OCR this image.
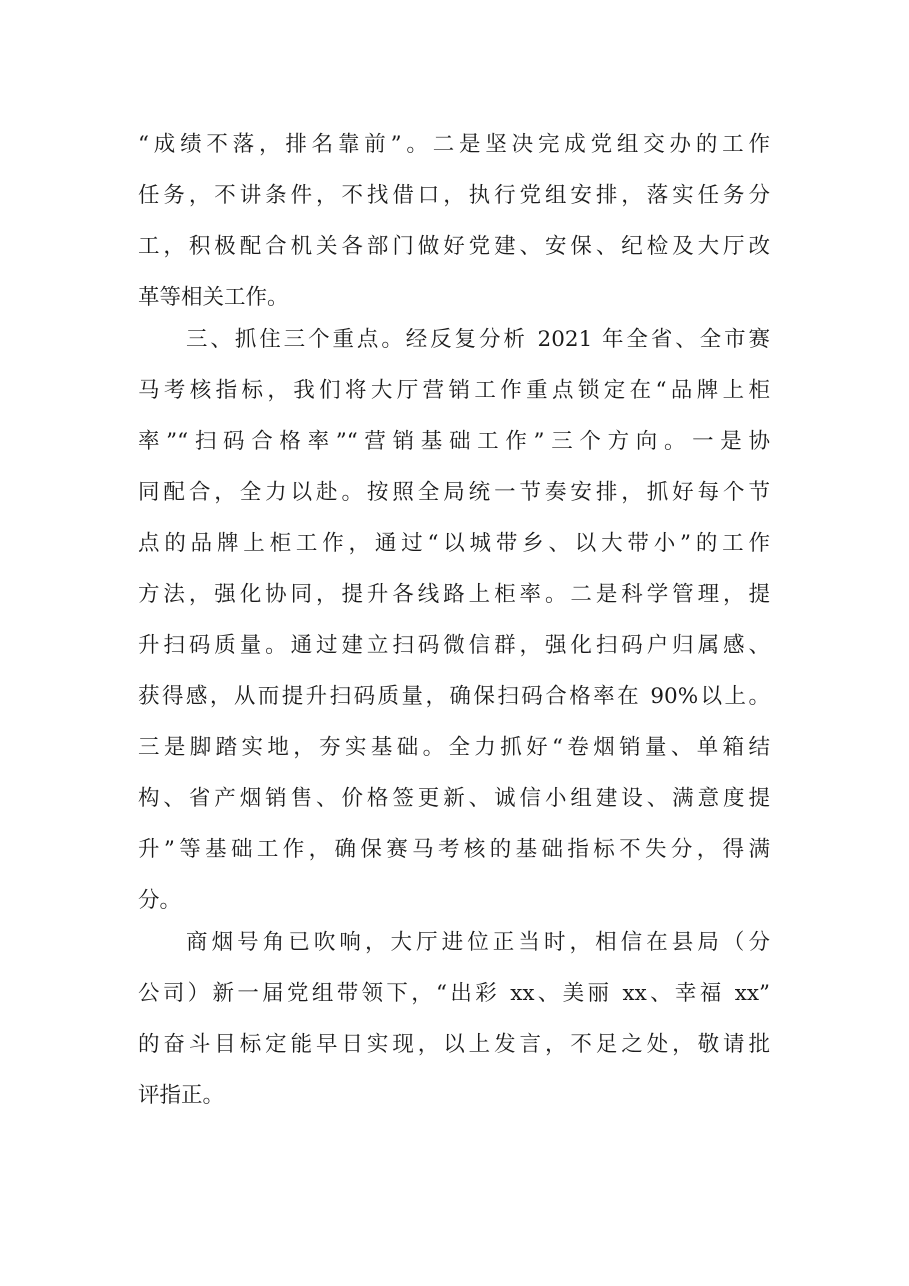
“成绩不落，排名靠前”。二是坚决完成党组交办的工作
任务，不讲条件，不找借口，执行党组安排，落实任务分
工，积极配合机关各部门做好党建、安保、纪检及大厅改
革等相关工作。
三、抓住三个重点。经反复分析 2021 年全省、全市赛
马考核指标，我们将大厅营销工作重点锁定在“品牌上柜
率”“扫码合格率”“营销基础工作”三个方向。一是协
同配合，全力以赴。按照全局统一节奏安排，抓好每个节
点的品牌上柜工作，通过“以城带乡、以大带小”的工作
方法，强化协同，提升各线路上柜率。二是科学管理，提
升扫码质量。通过建立扫码微信群，强化扫码户归属感、
获得感，从而提升扫码质量，确保扫码合格率在 90%以上。
三是脚踏实地，夯实基础。全力抓好“卷烟销量、单箱结
构、省产烟销售、价格签更新、诚信小组建设、满意度提
升”等基础工作，确保赛马考核的基础指标不失分，得满
分。
商烟号角已吹响，大厅进位正当时，相信在县局（分
公司）新一届党组带领下，“出彩 xx、美丽 xx、幸福 xx”
的奋斗目标定能早日实现，以上发言，不足之处，敬请批
评指正。
